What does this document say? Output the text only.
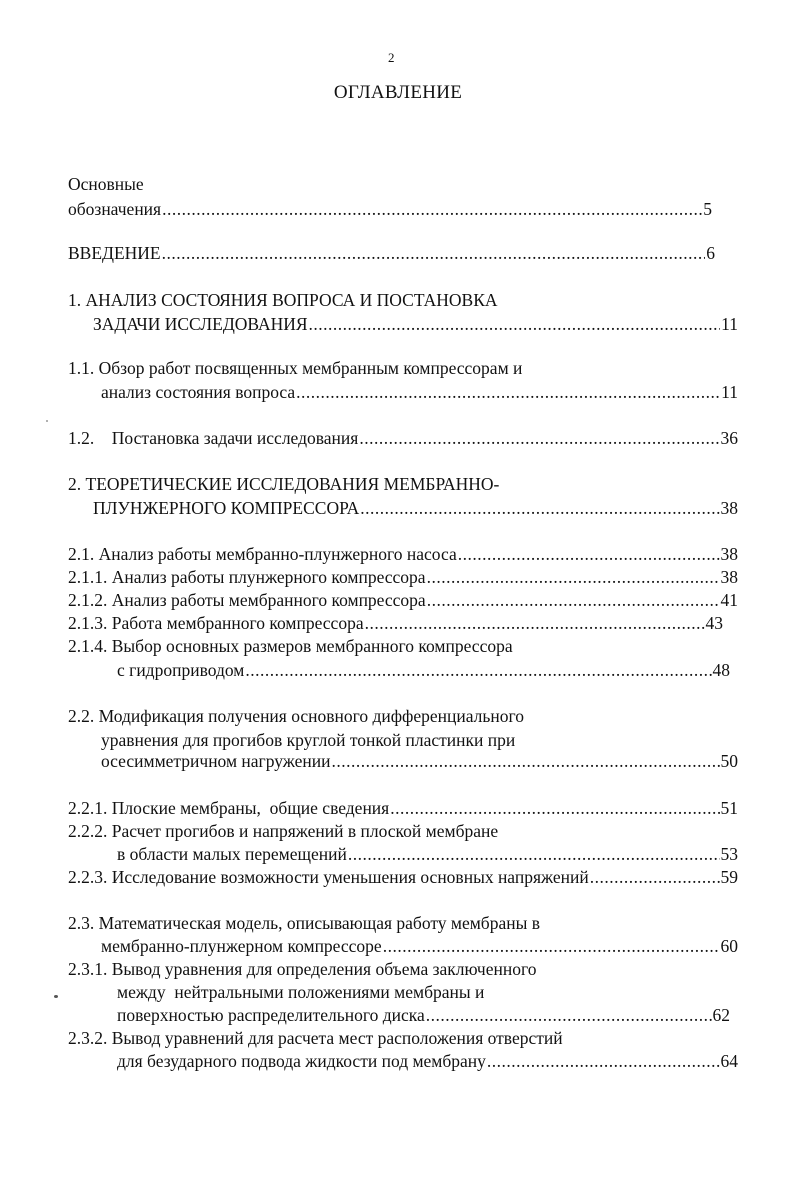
2
ОГЛАВЛЕНИЕ
Основные
обозначения .....	5
ВВЕДЕНИЕ .....	6
1. АНАЛИЗ СОСТОЯНИЯ ВОПРОСА И ПОСТАНОВКА
ЗАДАЧИ ИССЛЕДОВАНИЯ .....	11
1.1. Обзор работ посвященных мембранным компрессорам и
анализ состояния вопроса .....	11
1.2.    Постановка задачи исследования .....	36
2. ТЕОРЕТИЧЕСКИЕ ИССЛЕДОВАНИЯ МЕМБРАННО-
ПЛУНЖЕРНОГО КОМПРЕССОРА .....	38
2.1. Анализ работы мембранно-плунжерного насоса .....	38
2.1.1. Анализ работы плунжерного компрессора .....	38
2.1.2. Анализ работы мембранного компрессора .....	41
2.1.3. Работа мембранного компрессора .....	43
2.1.4. Выбор основных размеров мембранного компрессора
с гидроприводом .....	48
2.2. Модификация получения основного дифференциального
уравнения для прогибов круглой тонкой пластинки при
осесимметричном нагружении .....	50
2.2.1. Плоские мембраны,  общие сведения .....	51
2.2.2. Расчет прогибов и напряжений в плоской мембране
в области малых перемещений .....	53
2.2.3. Исследование возможности уменьшения основных напряжений .....	59
2.3. Математическая модель, описывающая работу мембраны в
мембранно-плунжерном компрессоре .....	60
2.3.1. Вывод уравнения для определения объема заключенного
между  нейтральными положениями мембраны и
поверхностью распределительного диска .....	62
2.3.2. Вывод уравнений для расчета мест расположения отверстий
для безударного подвода жидкости под мембрану .....	64
